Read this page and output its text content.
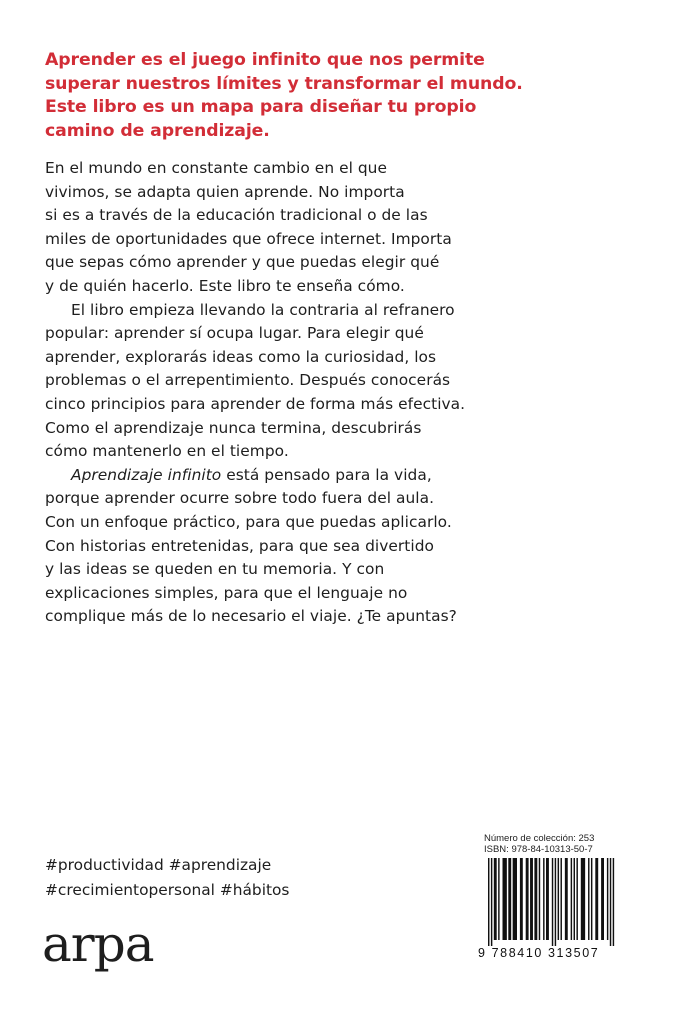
Aprender es el juego infinito que nos permite
superar nuestros límites y transformar el mundo.
Este libro es un mapa para diseñar tu propio
camino de aprendizaje.
En el mundo en constante cambio en el que
vivimos, se adapta quien aprende. No importa
si es a través de la educación tradicional o de las
miles de oportunidades que ofrece internet. Importa
que sepas cómo aprender y que puedas elegir qué
y de quién hacerlo. Este libro te enseña cómo.
El libro empieza llevando la contraria al refranero
popular: aprender sí ocupa lugar. Para elegir qué
aprender, explorarás ideas como la curiosidad, los
problemas o el arrepentimiento. Después conocerás
cinco principios para aprender de forma más efectiva.
Como el aprendizaje nunca termina, descubrirás
cómo mantenerlo en el tiempo.
Aprendizaje infinito está pensado para la vida,
porque aprender ocurre sobre todo fuera del aula.
Con un enfoque práctico, para que puedas aplicarlo.
Con historias entretenidas, para que sea divertido
y las ideas se queden en tu memoria. Y con
explicaciones simples, para que el lenguaje no
complique más de lo necesario el viaje. ¿Te apuntas?
#productividad #aprendizaje
#crecimientopersonal #hábitos
arpa
Número de colección: 253
ISBN: 978-84-10313-50-7
9 788410 313507
